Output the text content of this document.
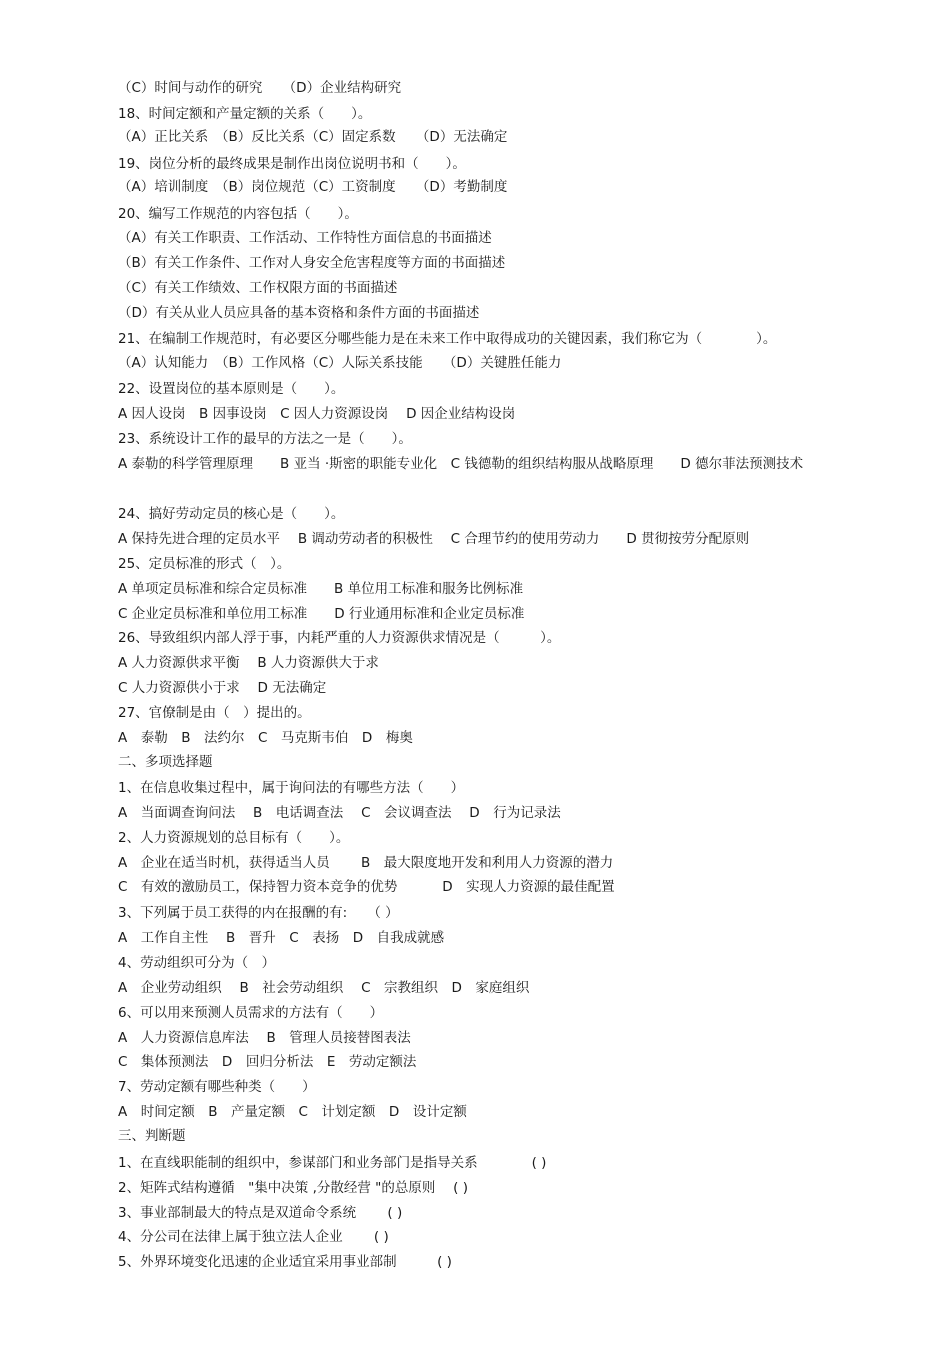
（C）时间与动作的研究　　（D）企业结构研究

18、时间定额和产量定额的关系（　　）。

（A）正比关系　（B）反比关系（C）固定系数　　（D）无法确定

19、岗位分析的最终成果是制作出岗位说明书和（　　）。

（A）培训制度　（B）岗位规范（C）工资制度　　（D）考勤制度

20、编写工作规范的内容包括（　　）。

（A）有关工作职责、工作活动、工作特性方面信息的书面描述

（B）有关工作条件、工作对人身安全危害程度等方面的书面描述

（C）有关工作绩效、工作权限方面的书面描述

（D）有关从业人员应具备的基本资格和条件方面的书面描述

21、在编制工作规范时，有必要区分哪些能力是在未来工作中取得成功的关键因素，我们称它为（　　　　）。

（A）认知能力　（B）工作风格（C）人际关系技能　　（D）关键胜任能力

22、设置岗位的基本原则是（　　）。

A 因人设岗　B 因事设岗　C 因人力资源设岗　 D 因企业结构设岗

23、系统设计工作的最早的方法之一是（　　）。

A 泰勒的科学管理原理　　B 亚当 ·斯密的职能专业化　C 钱德勒的组织结构服从战略原理　　D 德尔菲法预测技术

24、搞好劳动定员的核心是（　　）。

A 保持先进合理的定员水平　 B 调动劳动者的积极性　 C 合理节约的使用劳动力　　D 贯彻按劳分配原则

25、定员标准的形式（　）。

A 单项定员标准和综合定员标准　　B 单位用工标准和服务比例标准

C 企业定员标准和单位用工标准　　D 行业通用标准和企业定员标准

26、导致组织内部人浮于事，内耗严重的人力资源供求情况是（　　　）。

A 人力资源供求平衡　 B 人力资源供大于求

C 人力资源供小于求　 D 无法确定

27、官僚制是由（　）提出的。

A　泰勒　B　法约尔　C　马克斯韦伯　D　梅奥

二、多项选择题

1、在信息收集过程中，属于询问法的有哪些方法（　　）

A　当面调查询问法　 B　电话调查法　 C　会议调查法　 D　行为记录法

2、人力资源规划的总目标有（　　）。

A　企业在适当时机，获得适当人员　　 B　最大限度地开发和利用人力资源的潜力

C　有效的激励员工，保持智力资本竞争的优势　　　 D　实现人力资源的最佳配置

3、下列属于员工获得的内在报酬的有:　　（ ）

A　工作自主性　 B　晋升　C　表扬　D　自我成就感

4、劳动组织可分为（　）

A　企业劳动组织　 B　社会劳动组织　 C　宗教组织　D　家庭组织

6、可以用来预测人员需求的方法有（　　）

A　人力资源信息库法　 B　管理人员接替图表法

C　集体预测法　D　回归分析法　E　劳动定额法

7、劳动定额有哪些种类（　　）

A　时间定额　B　产量定额　C　计划定额　D　设计定额

三、判断题

1、在直线职能制的组织中，参谋部门和业务部门是指导关系　　　　( )

2、矩阵式结构遵循　"集中决策 ,分散经营 "的总原则　 ( )

3、事业部制最大的特点是双道命令系统　　 ( )

4、分公司在法律上属于独立法人企业　　 ( )

5、外界环境变化迅速的企业适宜采用事业部制　　　( )
